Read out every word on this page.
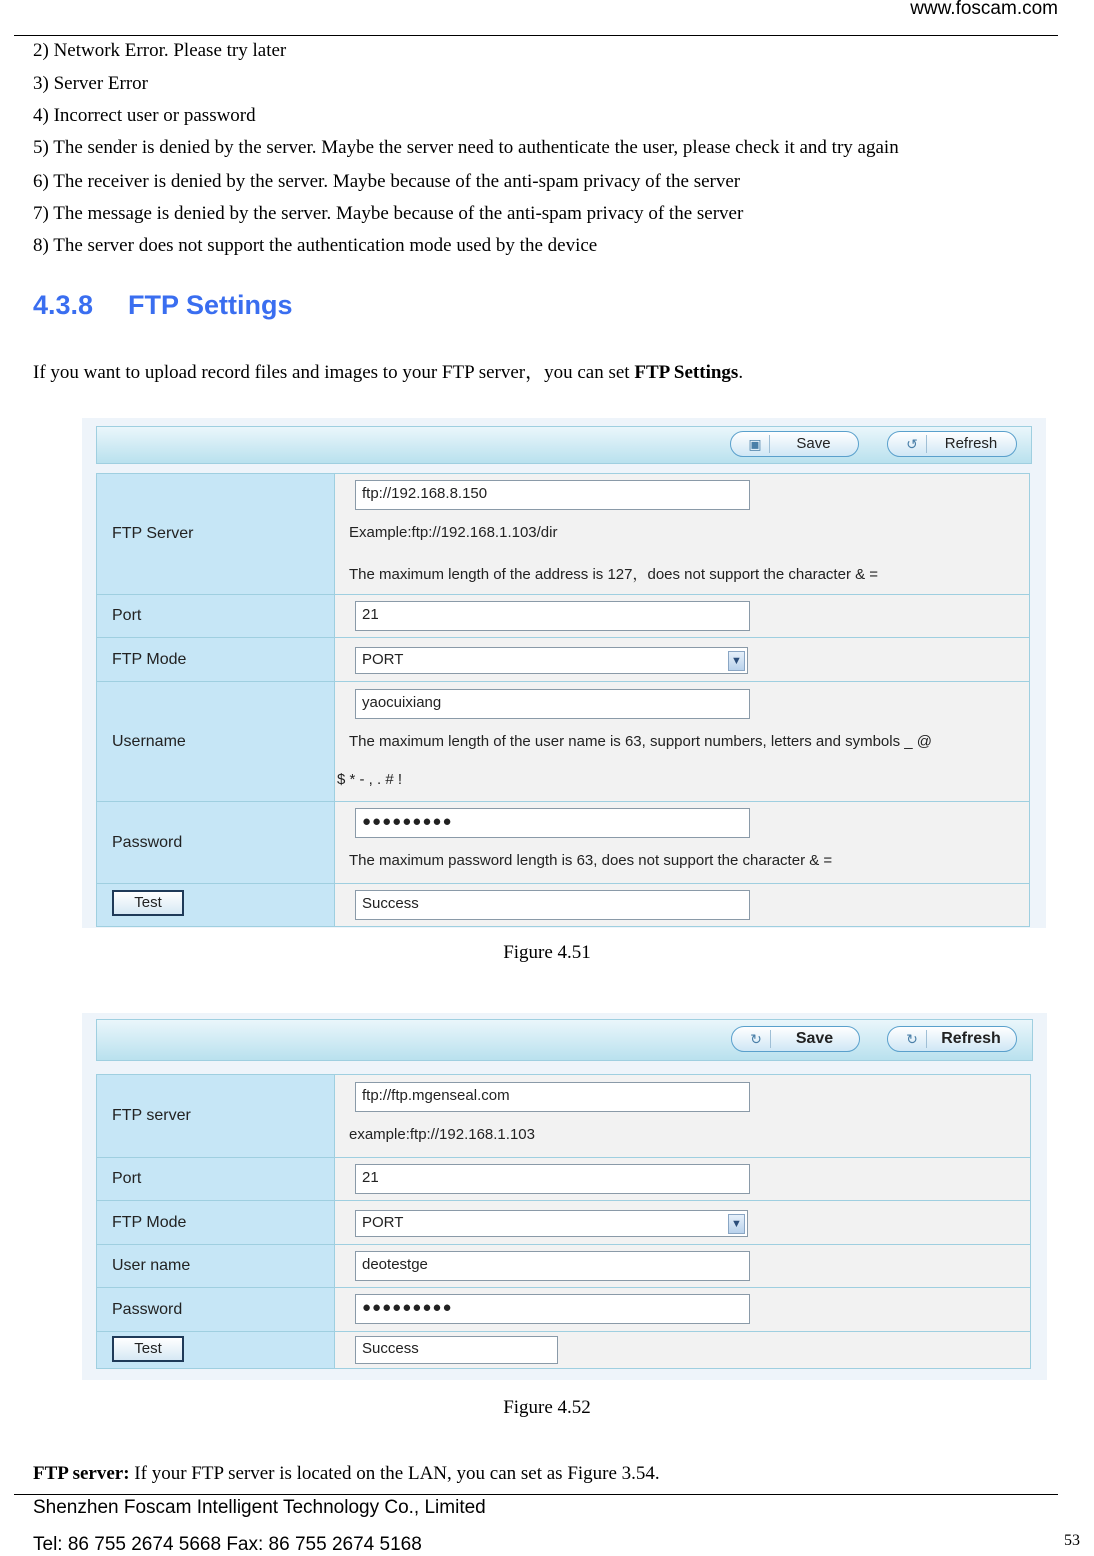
www.foscam.com
2) Network Error. Please try later
3) Server Error
4) Incorrect user or password
5) The sender is denied by the server. Maybe the server need to authenticate the user, please check it and try again
6) The receiver is denied by the server. Maybe because of the anti-spam privacy of the server
7) The message is denied by the server. Maybe because of the anti-spam privacy of the server
8) The server does not support the authentication mode used by the device
4.3.8 FTP Settings
If you want to upload record files and images to your FTP server，you can set FTP Settings.
▣	Save	↺	Refresh
FTP Server	ftp://192.168.8.150
Example:ftp://192.168.1.103/dir
The maximum length of the address is 127，does not support the character & =

Port	21

FTP Mode	PORT ▼

Username	yaocuixiang
The maximum length of the user name is 63, support numbers, letters and symbols _ @
$ * - , . # !

Password	●●●●●●●●●
The maximum password length is 63, does not support the character & =

Test	Success
Figure 4.51
↻	Save	↻	Refresh
FTP server	ftp://ftp.mgenseal.com
example:ftp://192.168.1.103

Port	21

FTP Mode	PORT ▼

User name	deotestge

Password	●●●●●●●●●

Test	Success
Figure 4.52
FTP server: If your FTP server is located on the LAN, you can set as Figure 3.54.
Shenzhen Foscam Intelligent Technology Co., Limited
Tel: 86 755 2674 5668 Fax: 86 755 2674 5168	53
